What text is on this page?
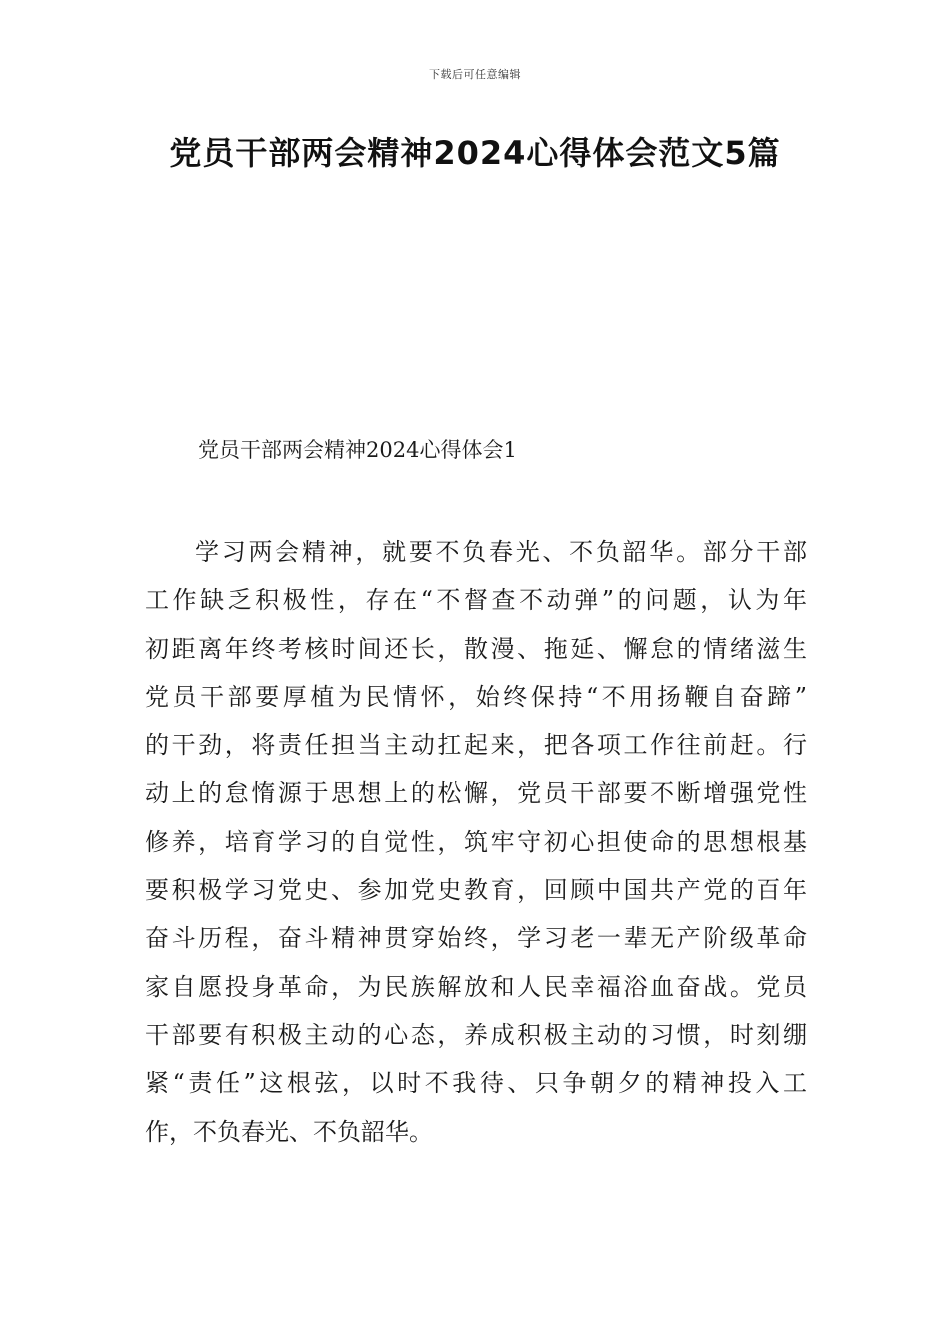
下载后可任意编辑
党员干部两会精神2024心得体会范文5篇
党员干部两会精神2024心得体会1
学习两会精神，就要不负春光、不负韶华。部分干部
工作缺乏积极性，存在“不督查不动弹”的问题，认为年
初距离年终考核时间还长，散漫、拖延、懈怠的情绪滋生
党员干部要厚植为民情怀，始终保持“不用扬鞭自奋蹄”
的干劲，将责任担当主动扛起来，把各项工作往前赶。行
动上的怠惰源于思想上的松懈，党员干部要不断增强党性
修养，培育学习的自觉性，筑牢守初心担使命的思想根基
要积极学习党史、参加党史教育，回顾中国共产党的百年
奋斗历程，奋斗精神贯穿始终，学习老一辈无产阶级革命
家自愿投身革命，为民族解放和人民幸福浴血奋战。党员
干部要有积极主动的心态，养成积极主动的习惯，时刻绷
紧“责任”这根弦，以时不我待、只争朝夕的精神投入工
作，不负春光、不负韶华。
